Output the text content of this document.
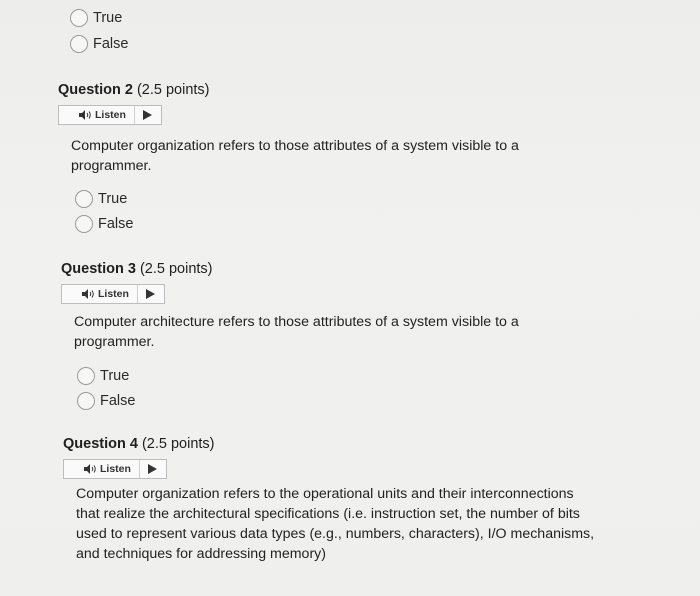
True
False
Question 2 (2.5 points)
Listen
Computer organization refers to those attributes of a system visible to a
programmer.
True
False
Question 3 (2.5 points)
Listen
Computer architecture refers to those attributes of a system visible to a
programmer.
True
False
Question 4 (2.5 points)
Listen
Computer organization refers to the operational units and their interconnections
that realize the architectural specifications (i.e. instruction set, the number of bits
used to represent various data types (e.g., numbers, characters), I/O mechanisms,
and techniques for addressing memory)
